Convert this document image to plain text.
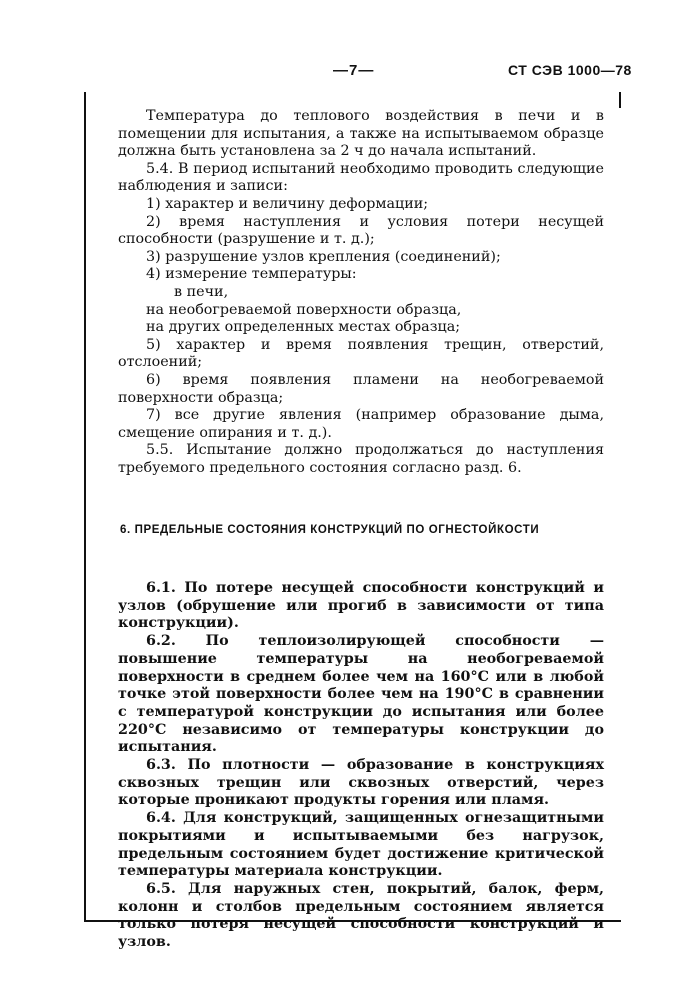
—7—	СТ СЭВ 1000—78

Температура до теплового воздействия в печи и в помещении для испытания, а также на испытываемом образце должна быть установлена за 2 ч до начала испытаний.

5.4. В период испытаний необходимо проводить следующие наблюдения и записи:

1) характер и величину деформации;

2) время наступления и условия потери несущей способности (разрушение и т. д.);

3) разрушение узлов крепления (соединений);

4) измерение температуры:

в печи,

на необогреваемой поверхности образца,

на других определенных местах образца;

5) характер и время появления трещин, отверстий, отслоений;

6) время появления пламени на необогреваемой поверхности образца;

7) все другие явления (например образование дыма, смещение опирания и т. д.).

5.5. Испытание должно продолжаться до наступления требуемого предельного состояния согласно разд. 6.

6. ПРЕДЕЛЬНЫЕ СОСТОЯНИЯ КОНСТРУКЦИЙ ПО ОГНЕСТОЙКОСТИ

6.1. По потере несущей способности конструкций и узлов (обрушение или прогиб в зависимости от типа конструкции).

6.2. По теплоизолирующей способности — повышение температуры на необогреваемой поверхности в среднем более чем на 160°С или в любой точке этой поверхности более чем на 190°С в сравнении с температурой конструкции до испытания или более 220°С независимо от температуры конструкции до испытания.

6.3. По плотности — образование в конструкциях сквозных трещин или сквозных отверстий, через которые проникают продукты горения или пламя.

6.4. Для конструкций, защищенных огнезащитными покрытиями и испытываемыми без нагрузок, предельным состоянием будет достижение критической температуры материала конструкции.

6.5. Для наружных стен, покрытий, балок, ферм, колонн и столбов предельным состоянием является только потеря несущей способности конструкций и узлов.
